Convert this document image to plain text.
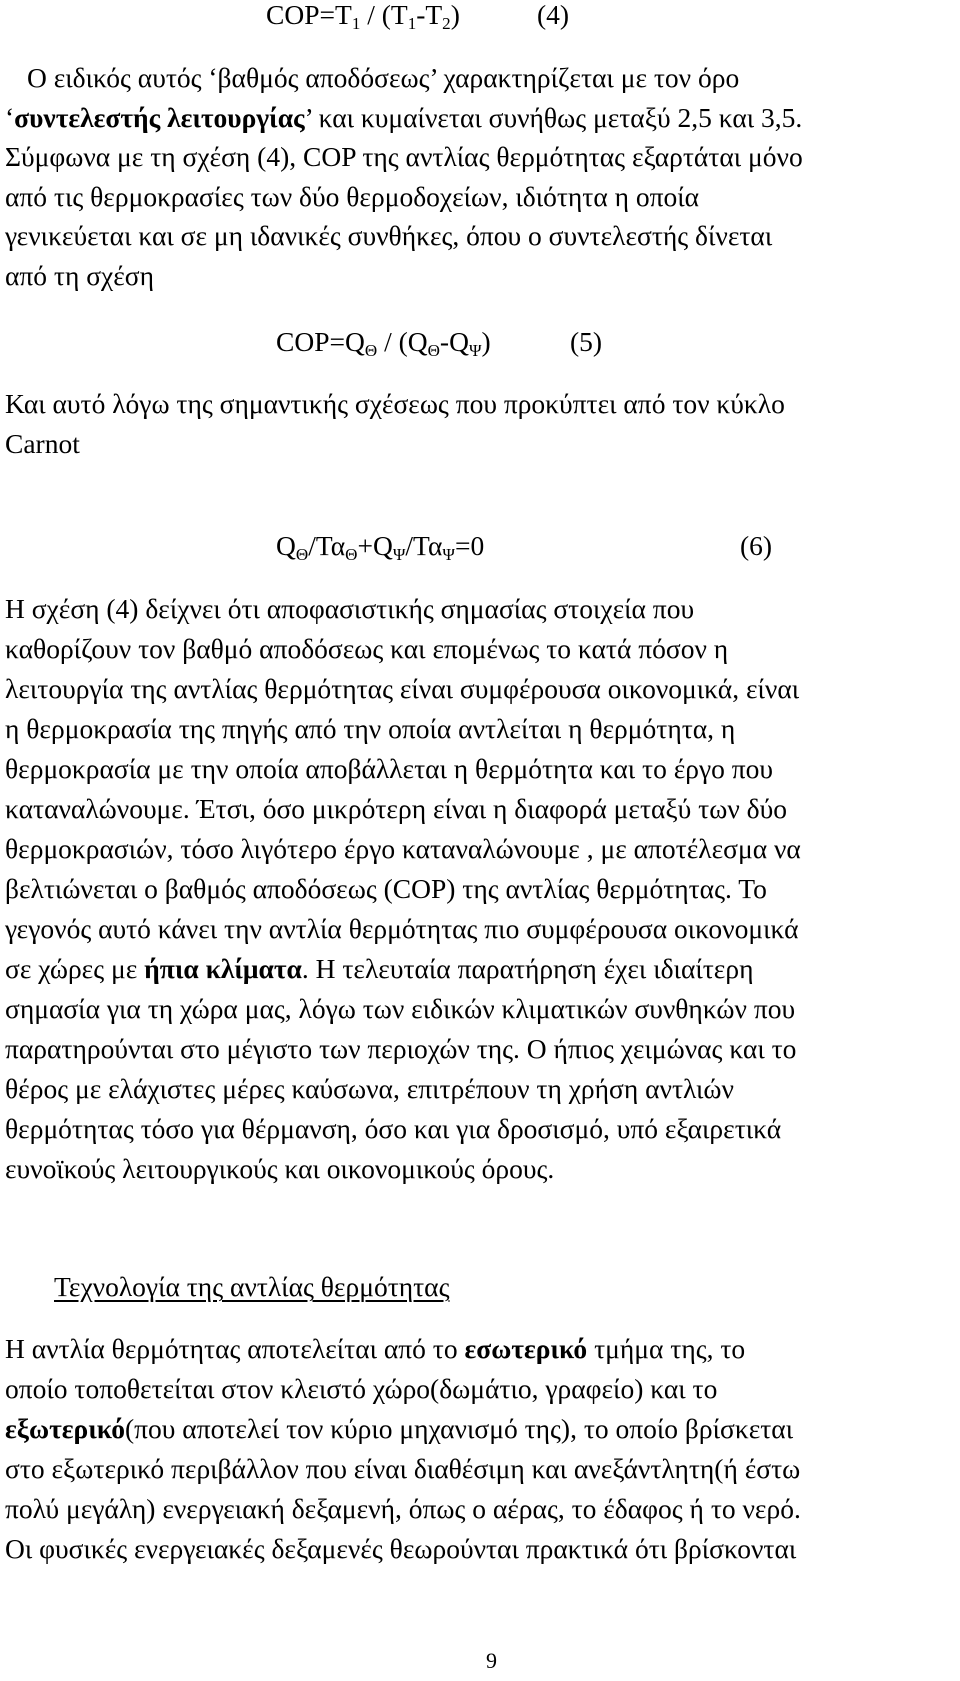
$COP=T_1 / (T_1-T_2)$	(4)

Ο ειδικός αυτός ‘βαθμός αποδόσεως’ χαρακτηρίζεται με τον όρο

‘συντελεστής λειτουργίας’ και κυμαίνεται συνήθως μεταξύ 2,5 και 3,5.

Σύμφωνα με τη σχέση (4), COP της αντλίας θερμότητας εξαρτάται μόνο

από τις θερμοκρασίες των δύο θερμοδοχείων, ιδιότητα η οποία

γενικεύεται και σε μη ιδανικές συνθήκες, όπου ο συντελεστής δίνεται

από τη σχέση

$COP=Q_\Theta / (Q_\Theta-Q_\Psi)$	(5)

Και αυτό λόγω της σημαντικής σχέσεως που προκύπτει από τον κύκλο

Carnot

$Q_\Theta/T\alpha_\Theta+Q_\Psi/T\alpha_\Psi=0$	(6)

Η σχέση (4) δείχνει ότι αποφασιστικής σημασίας στοιχεία που

καθορίζουν τον βαθμό αποδόσεως και επομένως το κατά πόσον η

λειτουργία της αντλίας θερμότητας είναι συμφέρουσα οικονομικά, είναι

η θερμοκρασία της πηγής από την οποία αντλείται η θερμότητα, η

θερμοκρασία με την οποία αποβάλλεται η θερμότητα και το έργο που

καταναλώνουμε. Έτσι, όσο μικρότερη είναι η διαφορά μεταξύ των δύο

θερμοκρασιών, τόσο λιγότερο έργο καταναλώνουμε , με αποτέλεσμα να

βελτιώνεται ο βαθμός αποδόσεως (COP) της αντλίας θερμότητας. Το

γεγονός αυτό κάνει την αντλία θερμότητας πιο συμφέρουσα οικονομικά

σε χώρες με ήπια κλίματα. Η τελευταία παρατήρηση έχει ιδιαίτερη

σημασία για τη χώρα μας, λόγω των ειδικών κλιματικών συνθηκών που

παρατηρούνται στο μέγιστο των περιοχών της. Ο ήπιος χειμώνας και το

θέρος με ελάχιστες μέρες καύσωνα, επιτρέπουν τη χρήση αντλιών

θερμότητας τόσο για θέρμανση, όσο και για δροσισμό, υπό εξαιρετικά

ευνοϊκούς λειτουργικούς και οικονομικούς όρους.

Τεχνολογία της αντλίας θερμότητας

Η αντλία θερμότητας αποτελείται από το εσωτερικό τμήμα της, το

οποίο τοποθετείται στον κλειστό χώρο(δωμάτιο, γραφείο) και το

εξωτερικό(που αποτελεί τον κύριο μηχανισμό της), το οποίο βρίσκεται

στο εξωτερικό περιβάλλον που είναι διαθέσιμη και ανεξάντλητη(ή έστω

πολύ μεγάλη) ενεργειακή δεξαμενή, όπως ο αέρας, το έδαφος ή το νερό.

Οι φυσικές ενεργειακές δεξαμενές θεωρούνται πρακτικά ότι βρίσκονται

9
